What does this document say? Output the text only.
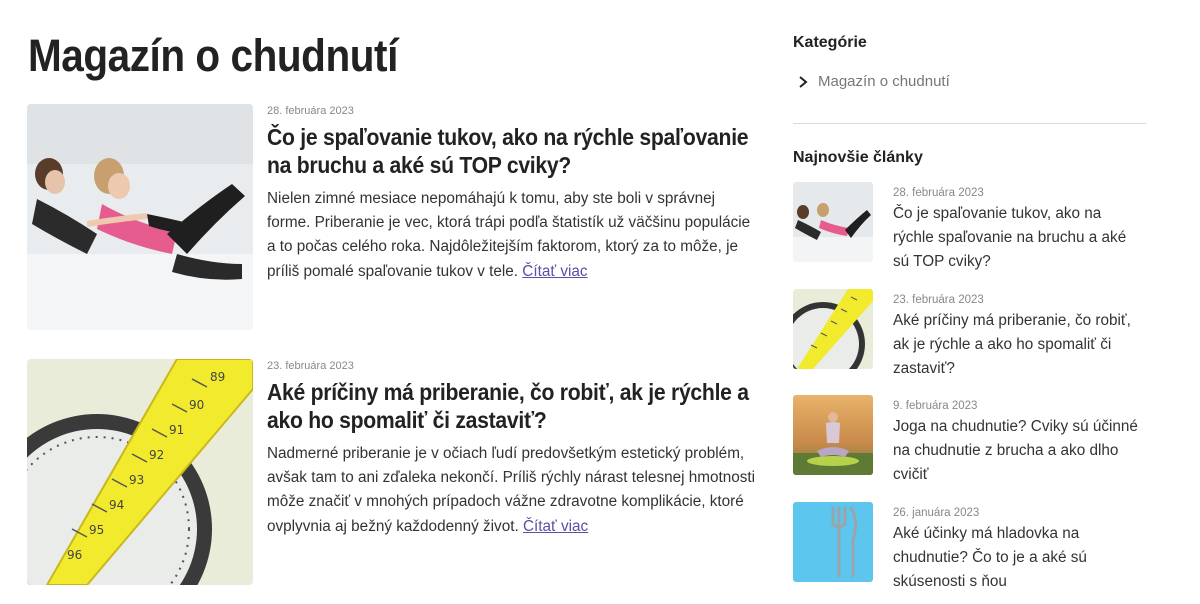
Magazín o chudnutí
28. februára 2023
Čo je spaľovanie tukov, ako na rýchle spaľovanie na bruchu a aké sú TOP cviky?

Nielen zimné mesiace nepomáhajú k tomu, aby ste boli v správnej forme. Priberanie je vec, ktorá trápi podľa štatistík už väčšinu populácie a to počas celého roka. Najdôležitejším faktorom, ktorý za to môže, je príliš pomalé spaľovanie tukov v tele. Čítať viac

89
90
91
92
93
94
95
96
23. februára 2023
Aké príčiny má priberanie, čo robiť, ak je rýchle a ako ho spomaliť či zastaviť?

Nadmerné priberanie je v očiach ľudí predovšetkým estetický problém, avšak tam to ani zďaleka nekončí. Príliš rýchly nárast telesnej hmotnosti môže značiť v mnohých prípadoch vážne zdravotne komplikácie, ktoré ovplyvnia aj bežný každodenný život. Čítať viac

Kategórie
Magazín o chudnutí
Najnovšie články
28. februára 2023
Čo je spaľovanie tukov, ako na rýchle spaľovanie na bruchu a aké sú TOP cviky?
23. februára 2023
Aké príčiny má priberanie, čo robiť, ak je rýchle a ako ho spomaliť či zastaviť?
9. februára 2023
Joga na chudnutie? Cviky sú účinné na chudnutie z brucha a ako dlho cvičiť
26. januára 2023
Aké účinky má hladovka na chudnutie? Čo to je a aké sú skúsenosti s ňou
